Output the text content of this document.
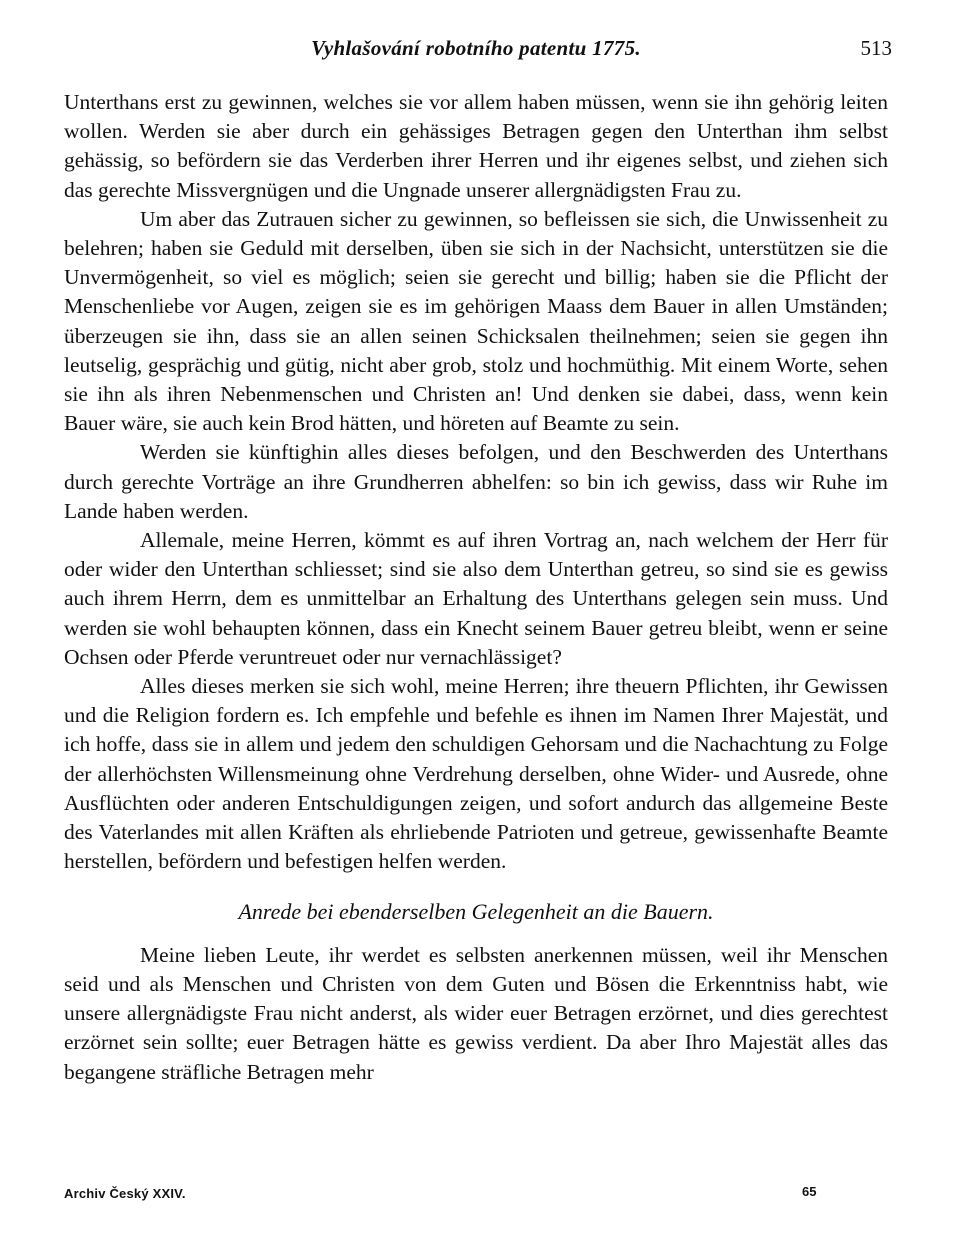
Vyhlašování robotního patentu 1775.	513

Unterthans erst zu gewinnen, welches sie vor allem haben müssen, wenn sie ihn gehörig leiten wollen. Werden sie aber durch ein gehässiges Betragen gegen den Unterthan ihm selbst gehässig, so befördern sie das Verderben ihrer Herren und ihr eigenes selbst, und ziehen sich das gerechte Missvergnügen und die Ungnade unserer allergnädigsten Frau zu.

Um aber das Zutrauen sicher zu gewinnen, so befleissen sie sich, die Unwissenheit zu belehren; haben sie Geduld mit derselben, üben sie sich in der Nachsicht, unterstützen sie die Unvermögenheit, so viel es möglich; seien sie gerecht und billig; haben sie die Pflicht der Menschenliebe vor Augen, zeigen sie es im gehörigen Maass dem Bauer in allen Umständen; überzeugen sie ihn, dass sie an allen seinen Schicksalen theilnehmen; seien sie gegen ihn leutselig, gesprächig und gütig, nicht aber grob, stolz und hochmüthig. Mit einem Worte, sehen sie ihn als ihren Nebenmenschen und Christen an! Und denken sie dabei, dass, wenn kein Bauer wäre, sie auch kein Brod hätten, und höreten auf Beamte zu sein.

Werden sie künftighin alles dieses befolgen, und den Beschwerden des Unterthans durch gerechte Vorträge an ihre Grundherren abhelfen: so bin ich gewiss, dass wir Ruhe im Lande haben werden.

Allemale, meine Herren, kömmt es auf ihren Vortrag an, nach welchem der Herr für oder wider den Unterthan schliesset; sind sie also dem Unterthan getreu, so sind sie es gewiss auch ihrem Herrn, dem es unmittelbar an Erhaltung des Unterthans gelegen sein muss. Und werden sie wohl behaupten können, dass ein Knecht seinem Bauer getreu bleibt, wenn er seine Ochsen oder Pferde veruntreuet oder nur vernachlässiget?

Alles dieses merken sie sich wohl, meine Herren; ihre theuern Pflichten, ihr Gewissen und die Religion fordern es. Ich empfehle und befehle es ihnen im Namen Ihrer Majestät, und ich hoffe, dass sie in allem und jedem den schuldigen Gehorsam und die Nachachtung zu Folge der allerhöchsten Willensmeinung ohne Verdrehung derselben, ohne Wider- und Ausrede, ohne Ausflüchten oder anderen Entschuldigungen zeigen, und sofort andurch das allgemeine Beste des Vaterlandes mit allen Kräften als ehrliebende Patrioten und getreue, gewissenhafte Beamte herstellen, befördern und befestigen helfen werden.

Anrede bei ebenderselben Gelegenheit an die Bauern.

Meine lieben Leute, ihr werdet es selbsten anerkennen müssen, weil ihr Menschen seid und als Menschen und Christen von dem Guten und Bösen die Erkenntniss habt, wie unsere allergnädigste Frau nicht anderst, als wider euer Betragen erzörnet, und dies gerechtest erzörnet sein sollte; euer Betragen hätte es gewiss verdient. Da aber Ihro Majestät alles das begangene sträfliche Betragen mehr

Archiv Český XXIV.	65
